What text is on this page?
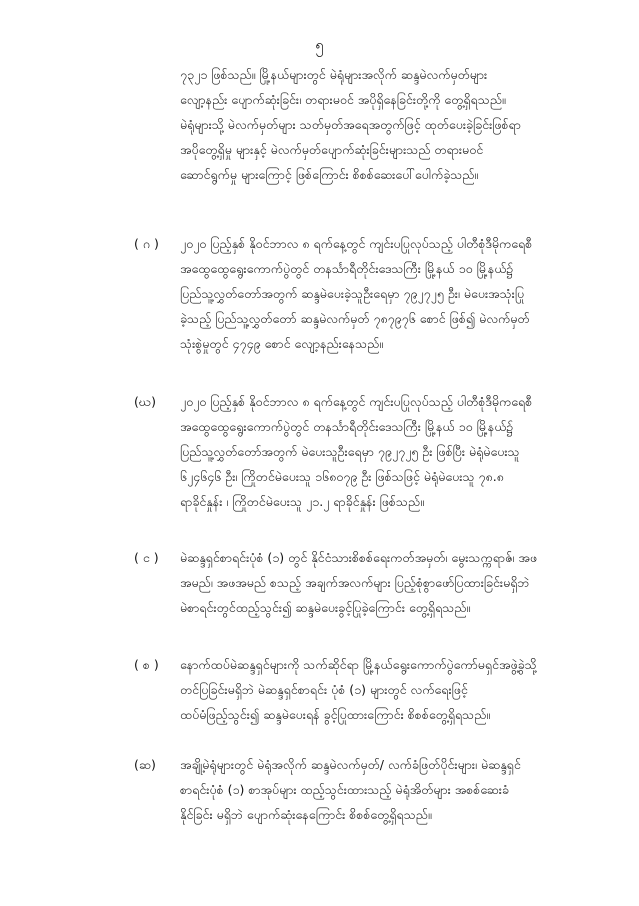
၅
၇၃၂၁ ဖြစ်သည်။ မြို့နယ်များတွင် မဲရုံများအလိုက် ဆန္ဒမဲလက်မှတ်များ
လျော့နည်း ပျောက်ဆုံးခြင်း၊ တရားမဝင် အပိုရှိနေခြင်းတို့ကို တွေ့ရှိရသည်။
မဲရုံများသို့ မဲလက်မှတ်များ သတ်မှတ်အရေအတွက်ဖြင့် ထုတ်ပေးခဲ့ခြင်းဖြစ်ရာ
အပိုတွေ့ရှိမှု များနှင့် မဲလက်မှတ်ပျောက်ဆုံးခြင်းများသည် တရားမဝင်
ဆောင်ရွက်မှု များကြောင့် ဖြစ်ကြောင်း စိစစ်ဆေးပေါ်ပေါက်ခဲ့သည်။
( ဂ ) ၂၀၂၀ ပြည့်နှစ် နိုဝင်ဘာလ ၈ ရက်နေ့တွင် ကျင်းပပြုလုပ်သည့် ပါတီစုံဒီမိုကရေစီ
အထွေထွေရွေးကောက်ပွဲတွင် တနင်္သာရီတိုင်းဒေသကြီး မြို့နယ် ၁၀ မြို့နယ်၌
ပြည်သူ့လွှတ်တော်အတွက် ဆန္ဒမဲပေးခဲ့သူဦးရေမှာ ၇၉၂၇၂၅ ဦး၊ မဲပေးအသုံးပြု
ခဲ့သည့် ပြည်သူ့လွှတ်တော် ဆန္ဒမဲလက်မှတ် ၇၈၇၉၇၆ စောင် ဖြစ်၍ မဲလက်မှတ်
သုံးစွဲမှုတွင် ၄၇၄၉ စောင် လျော့နည်းနေသည်။
(ဃ) ၂၀၂၀ ပြည့်နှစ် နိုဝင်ဘာလ ၈ ရက်နေ့တွင် ကျင်းပပြုလုပ်သည့် ပါတီစုံဒီမိုကရေစီ
အထွေထွေရွေးကောက်ပွဲတွင် တနင်္သာရီတိုင်းဒေသကြီး မြို့နယ် ၁၀ မြို့နယ်၌
ပြည်သူ့လွှတ်တော်အတွက် မဲပေးသူဦးရေမှာ ၇၉၂၇၂၅ ဦး ဖြစ်ပြီး မဲရုံမဲပေးသူ
၆၂၄၆၄၆ ဦး၊ ကြိုတင်မဲပေးသူ ၁၆၈၀၇၉ ဦး ဖြစ်သဖြင့် မဲရုံမဲပေးသူ ၇၈.၈
ရာခိုင်နှုန်း ၊ ကြိုတင်မဲပေးသူ ၂၁.၂ ရာခိုင်နှုန်း ဖြစ်သည်။
( င ) မဲဆန္ဒရှင်စာရင်းပုံစံ (၁) တွင် နိုင်ငံသားစိစစ်ရေးကတ်အမှတ်၊ မွေးသက္ကရာဇ်၊ အဖ
အမည်၊ အဖအမည် စသည့် အချက်အလက်များ ပြည့်စုံစွာဖော်ပြထားခြင်းမရှိဘဲ
မဲစာရင်းတွင်ထည့်သွင်း၍ ဆန္ဒမဲပေးခွင့်ပြုခဲ့ကြောင်း တွေ့ရှိရသည်။
( စ ) နောက်ထပ်မဲဆန္ဒရှင်များကို သက်ဆိုင်ရာ မြို့နယ်ရွေးကောက်ပွဲကော်မရှင်အဖွဲ့ခွဲသို့
တင်ပြခြင်းမရှိဘဲ မဲဆန္ဒရှင်စာရင်း ပုံစံ (၁) များတွင် လက်ရေးဖြင့်
ထပ်မံဖြည့်သွင်း၍ ဆန္ဒမဲပေးရန် ခွင့်ပြုထားကြောင်း စိစစ်တွေ့ရှိရသည်။
(ဆ) အချို့မဲရုံများတွင် မဲရုံအလိုက် ဆန္ဒမဲလက်မှတ်/ လက်ခံဖြတ်ပိုင်းများ၊ မဲဆန္ဒရှင်
စာရင်းပုံစံ (၁) စာအုပ်များ ထည့်သွင်းထားသည့် မဲရုံအိတ်များ အစစ်ဆေးခံ
နိုင်ခြင်း မရှိဘဲ ပျောက်ဆုံးနေကြောင်း စိစစ်တွေ့ရှိရသည်။
